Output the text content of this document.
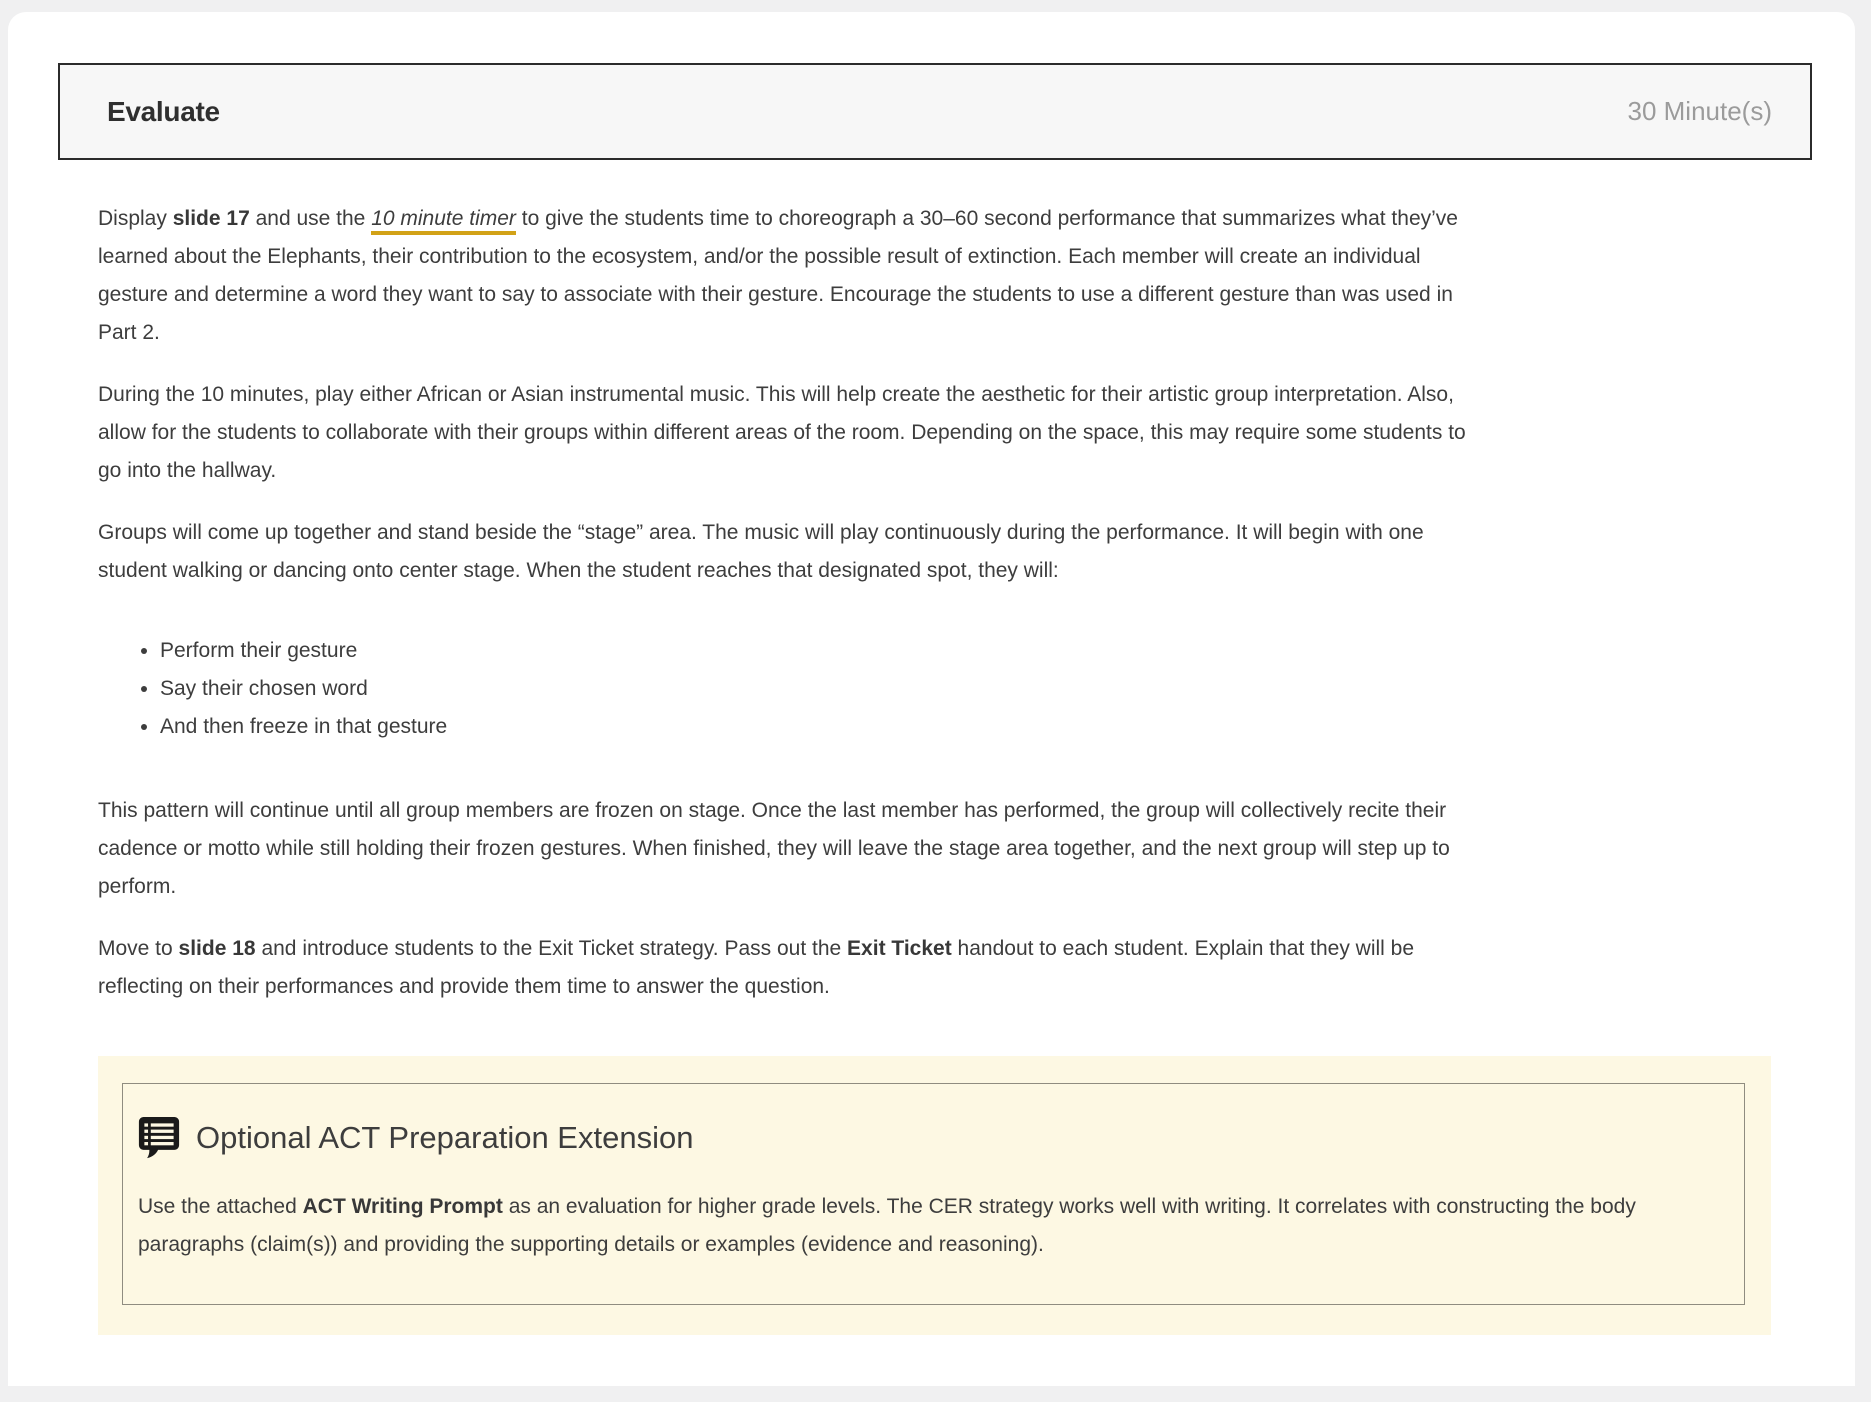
Evaluate	30 Minute(s)

Display slide 17 and use the 10 minute timer to give the students time to choreograph a 30–60 second performance that summarizes what they’ve learned about the Elephants, their contribution to the ecosystem, and/or the possible result of extinction. Each member will create an individual gesture and determine a word they want to say to associate with their gesture. Encourage the students to use a different gesture than was used in Part 2.

During the 10 minutes, play either African or Asian instrumental music. This will help create the aesthetic for their artistic group interpretation. Also, allow for the students to collaborate with their groups within different areas of the room. Depending on the space, this may require some students to go into the hallway.

Groups will come up together and stand beside the “stage” area. The music will play continuously during the performance. It will begin with one student walking or dancing onto center stage. When the student reaches that designated spot, they will:

• Perform their gesture
• Say their chosen word
• And then freeze in that gesture

This pattern will continue until all group members are frozen on stage. Once the last member has performed, the group will collectively recite their cadence or motto while still holding their frozen gestures. When finished, they will leave the stage area together, and the next group will step up to perform.

Move to slide 18 and introduce students to the Exit Ticket strategy. Pass out the Exit Ticket handout to each student. Explain that they will be reflecting on their performances and provide them time to answer the question.

Optional ACT Preparation Extension

Use the attached ACT Writing Prompt as an evaluation for higher grade levels. The CER strategy works well with writing. It correlates with constructing the body paragraphs (claim(s)) and providing the supporting details or examples (evidence and reasoning).
